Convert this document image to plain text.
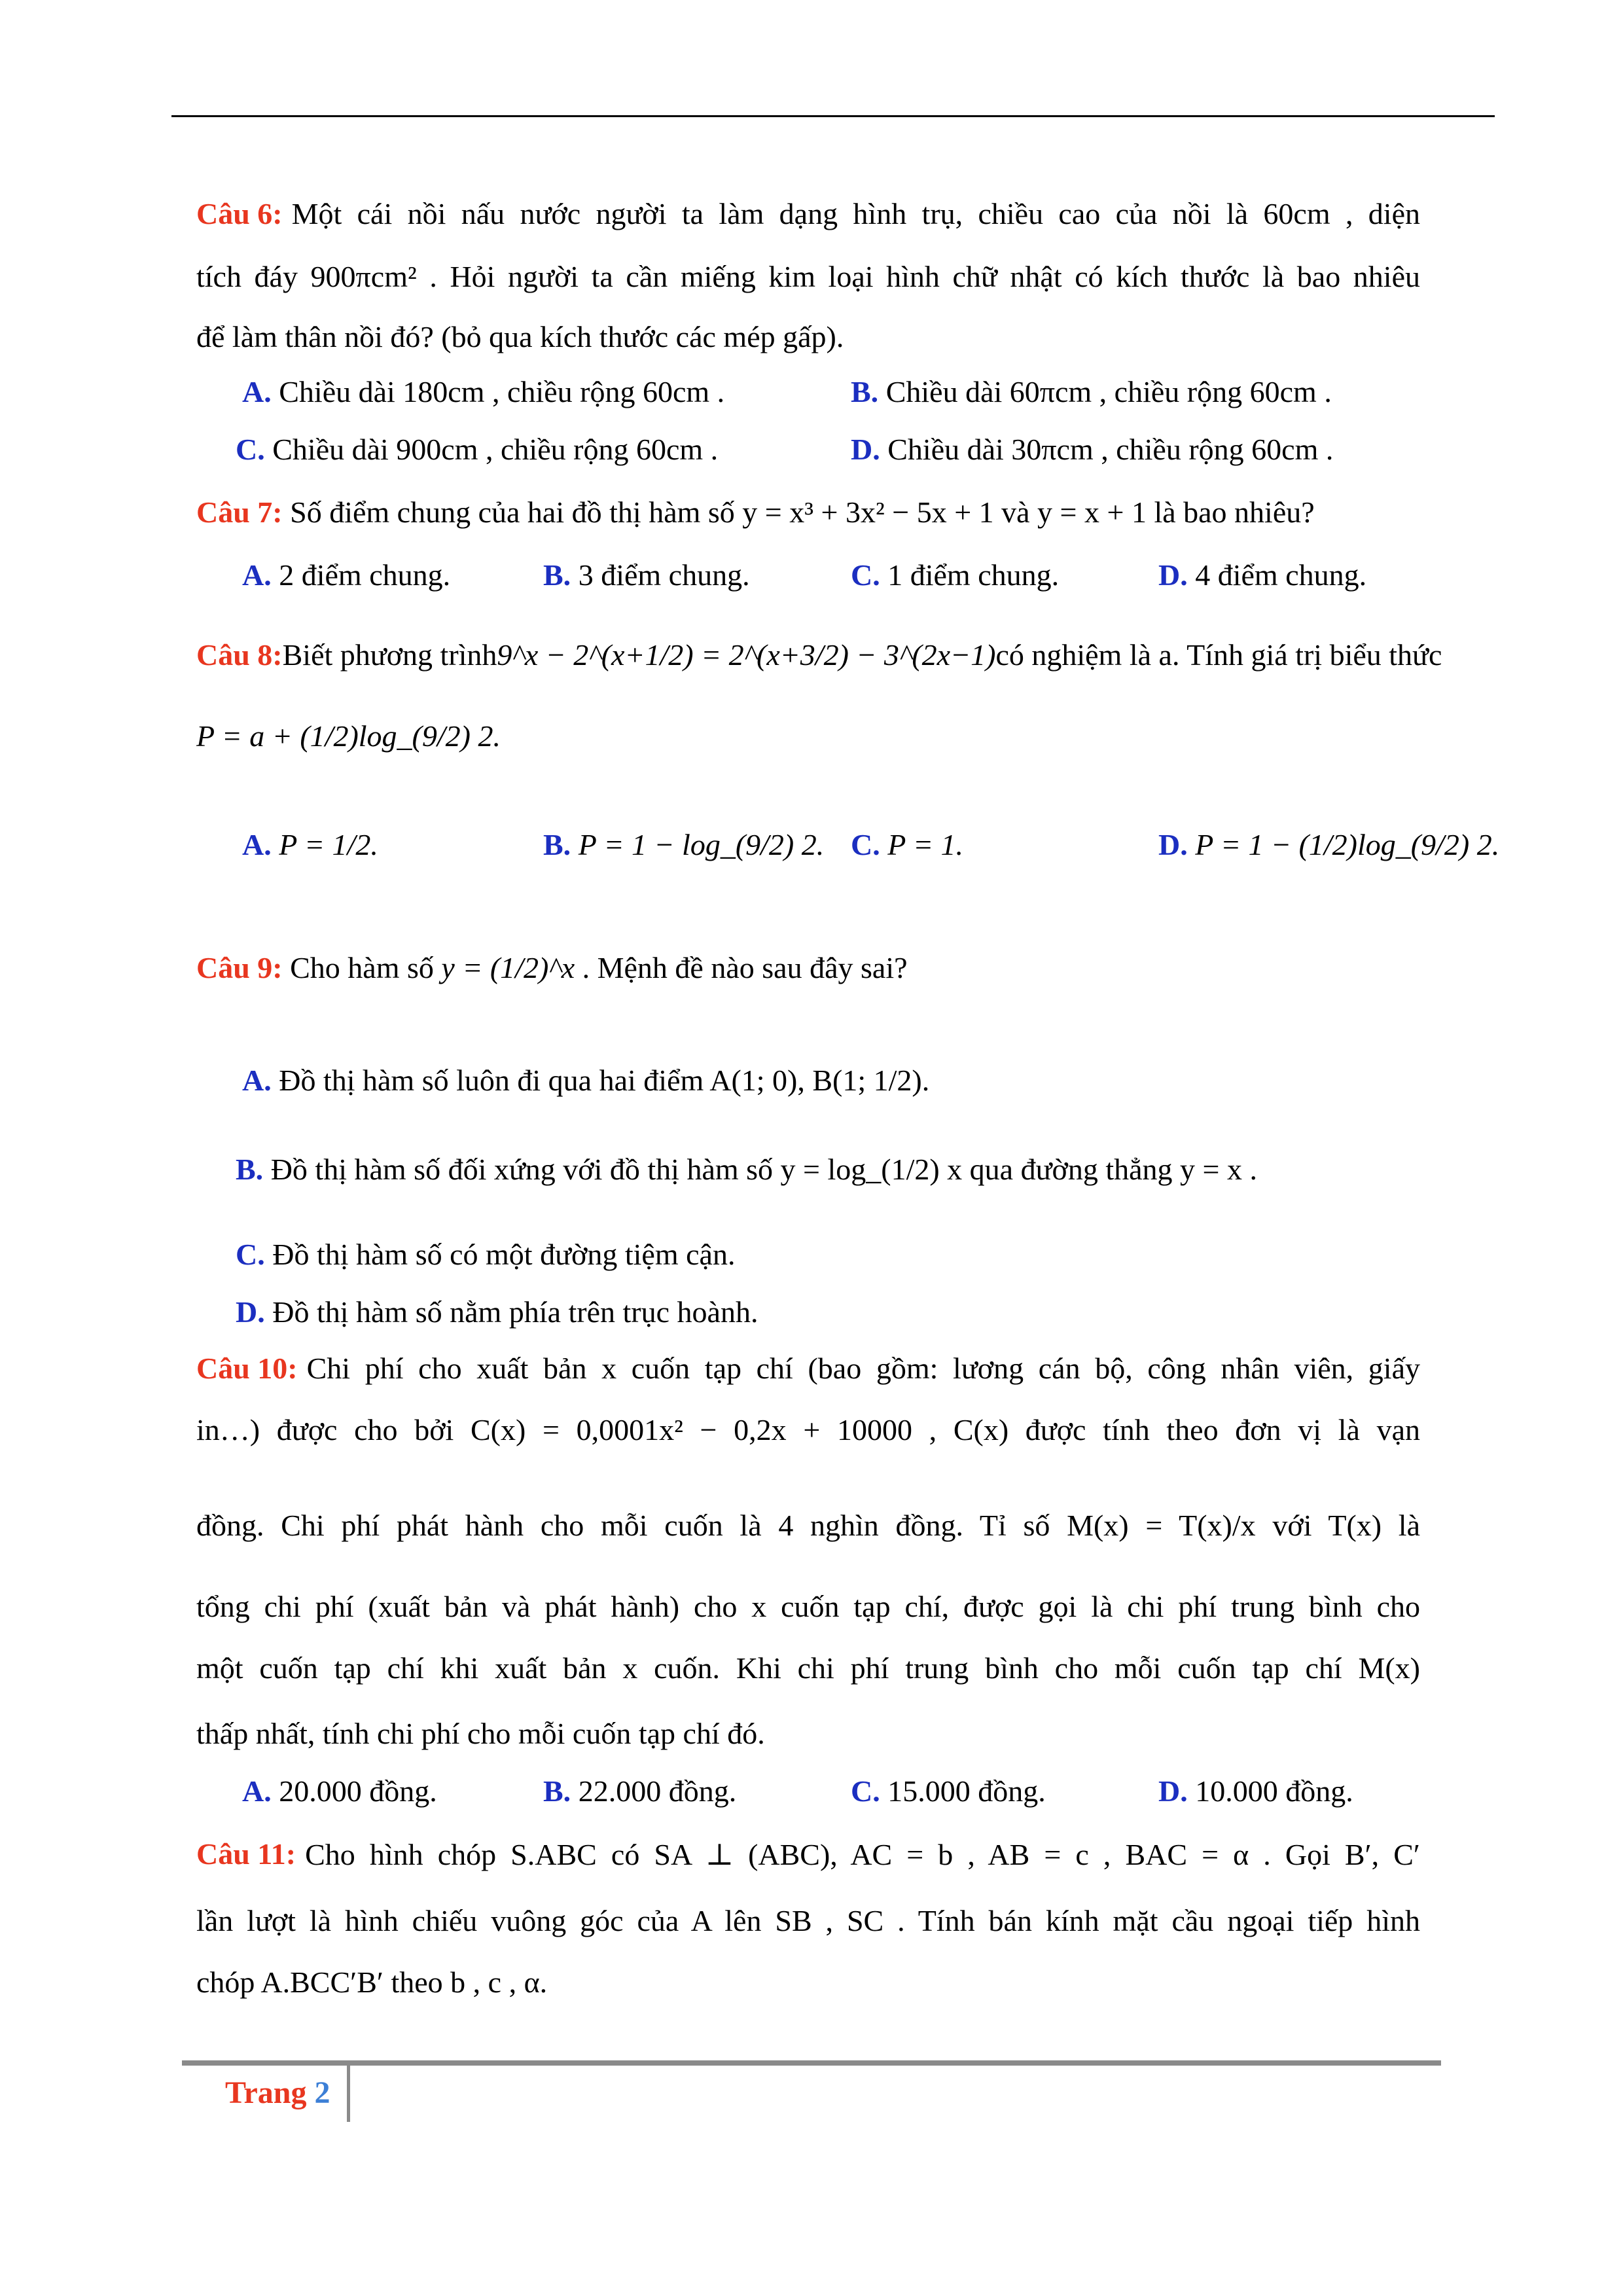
Câu 6: Một cái nồi nấu nước người ta làm dạng hình trụ, chiều cao của nồi là 60cm , diện
tích đáy 900πcm² . Hỏi người ta cần miếng kim loại hình chữ nhật có kích thước là bao nhiêu
để làm thân nồi đó? (bỏ qua kích thước các mép gấp).
A. Chiều dài 180cm , chiều rộng 60cm .	B. Chiều dài 60πcm , chiều rộng 60cm .
C. Chiều dài 900cm , chiều rộng 60cm .	D. Chiều dài 30πcm , chiều rộng 60cm .
Câu 7: Số điểm chung của hai đồ thị hàm số y = x³ + 3x² − 5x + 1 và y = x + 1 là bao nhiêu?
A. 2 điểm chung.	B. 3 điểm chung.	C. 1 điểm chung.	D. 4 điểm chung.
Câu 8: Biết phương trình 9^x − 2^(x+1/2) = 2^(x+3/2) − 3^(2x−1) có nghiệm là a. Tính giá trị biểu thức
P = a + (1/2)log_(9/2) 2.
A. P = 1/2.	B. P = 1 − log_(9/2) 2. C. P = 1.	D. P = 1 − (1/2)log_(9/2) 2.
Câu 9: Cho hàm số y = (1/2)^x . Mệnh đề nào sau đây sai?
A. Đồ thị hàm số luôn đi qua hai điểm A(1; 0), B(1; 1/2).
B. Đồ thị hàm số đối xứng với đồ thị hàm số y = log_(1/2) x qua đường thẳng y = x .
C. Đồ thị hàm số có một đường tiệm cận.
D. Đồ thị hàm số nằm phía trên trục hoành.
Câu 10: Chi phí cho xuất bản x cuốn tạp chí (bao gồm: lương cán bộ, công nhân viên, giấy
in…) được cho bởi C(x) = 0,0001x² − 0,2x + 10000 , C(x) được tính theo đơn vị là vạn
đồng. Chi phí phát hành cho mỗi cuốn là 4 nghìn đồng. Tỉ số M(x) = T(x)/x với T(x) là
tổng chi phí (xuất bản và phát hành) cho x cuốn tạp chí, được gọi là chi phí trung bình cho
một cuốn tạp chí khi xuất bản x cuốn. Khi chi phí trung bình cho mỗi cuốn tạp chí M(x)
thấp nhất, tính chi phí cho mỗi cuốn tạp chí đó.
A. 20.000 đồng.	B. 22.000 đồng.	C. 15.000 đồng.	D. 10.000 đồng.
Câu 11: Cho hình chóp S.ABC có SA ⊥ (ABC), AC = b , AB = c , BAC = α . Gọi B′, C′
lần lượt là hình chiếu vuông góc của A lên SB , SC . Tính bán kính mặt cầu ngoại tiếp hình
chóp A.BCC′B′ theo b , c , α.
Trang 2
